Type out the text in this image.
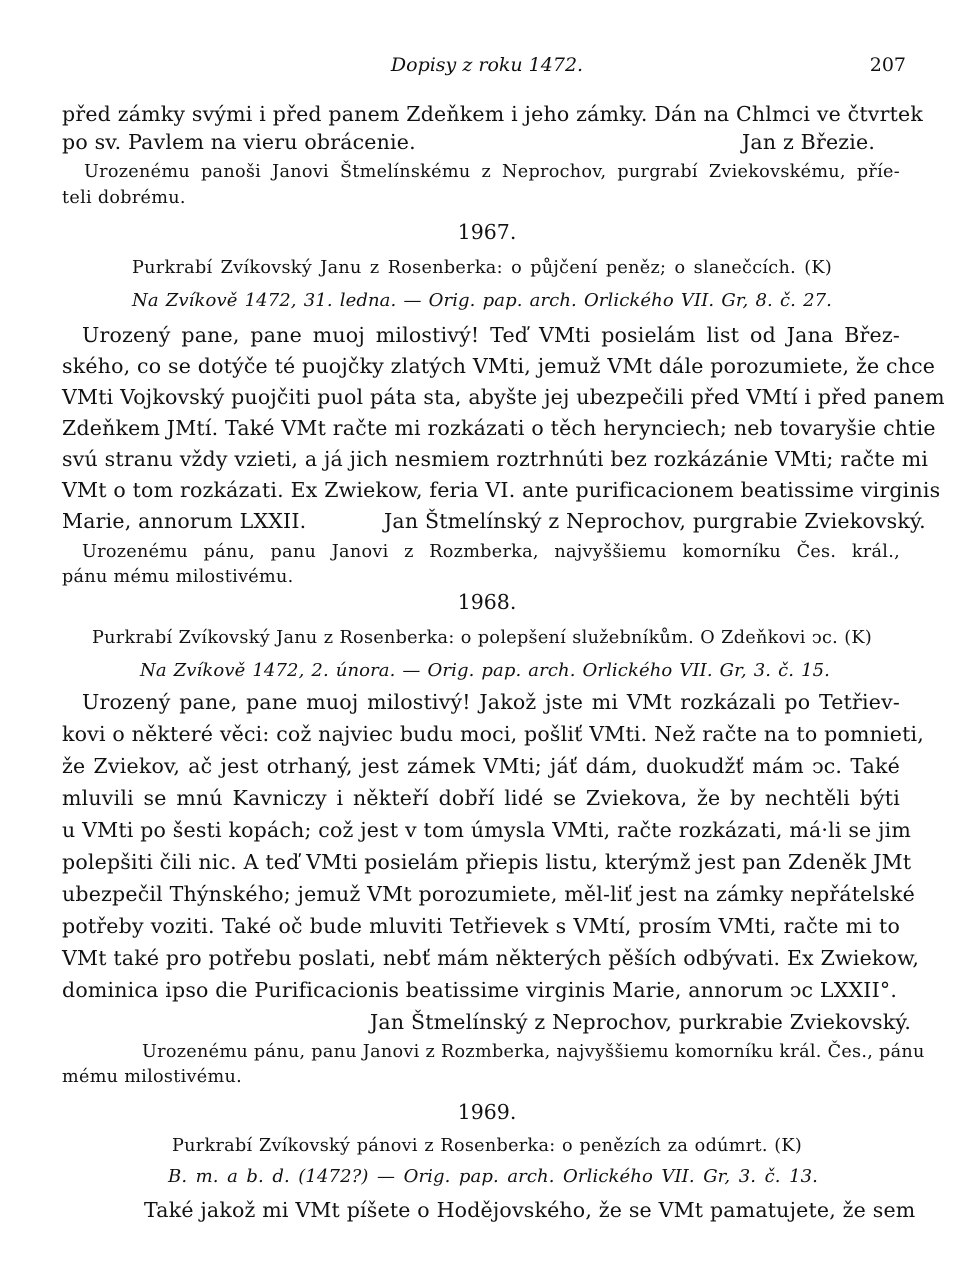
Dopisy z roku 1472.	207
před zámky svými i před panem Zdeňkem i jeho zámky. Dán na Chlmci ve čtvrtek
po sv. Pavlem na vieru obrácenie.	Jan z Březie.
Urozenému panoši Janovi Štmelínskému z Neprochov, purgrabí Zviekovskému, příe-
teli dobrému.
1967.
Purkrabí Zvíkovský Janu z Rosenberka: o půjčení peněz; o slanečcích. (K)
Na Zvíkově 1472, 31. ledna. — Orig. pap. arch. Orlického VII. Gr, 8. č. 27.
Urozený pane, pane muoj milostivý! Teď VMti posielám list od Jana Břez-
ského, co se dotýče té puojčky zlatých VMti, jemuž VMt dále porozumiete, že chce
VMti Vojkovský puojčiti puol páta sta, abyšte jej ubezpečili před VMtí i před panem
Zdeňkem JMtí. Také VMt račte mi rozkázati o těch herynciech; neb tovaryšie chtie
svú stranu vždy vzieti, a já jich nesmiem roztrhnúti bez rozkázánie VMti; račte mi
VMt o tom rozkázati. Ex Zwiekow, feria VI. ante purificacionem beatissime virginis
Marie, annorum LXXII.	Jan Štmelínský z Neprochov, purgrabie Zviekovský.
Urozenému pánu, panu Janovi z Rozmberka, najvyššiemu komorníku Čes. král.,
pánu mému milostivému.
1968.
Purkrabí Zvíkovský Janu z Rosenberka: o polepšení služebníkům. O Zdeňkovi ͻc. (K)
Na Zvíkově 1472, 2. února. — Orig. pap. arch. Orlického VII. Gr, 3. č. 15.
Urozený pane, pane muoj milostivý! Jakož jste mi VMt rozkázali po Tetřiev-
kovi o některé věci: což najviec budu moci, pošliť VMti. Než račte na to pomnieti,
že Zviekov, ač jest otrhaný, jest zámek VMti; jáť dám, duokudžť mám ͻc. Také
mluvili se mnú Kavniczy i někteří dobří lidé se Zviekova, že by nechtěli býti
u VMti po šesti kopách; což jest v tom úmysla VMti, račte rozkázati, má·li se jim
polepšiti čili nic. A teď VMti posielám přiepis listu, kterýmž jest pan Zdeněk JMt
ubezpečil Thýnského; jemuž VMt porozumiete, měl-liť jest na zámky nepřátelské
potřeby voziti. Také oč bude mluviti Tetřievek s VMtí, prosím VMti, račte mi to
VMt také pro potřebu poslati, nebť mám některých pěších odbývati. Ex Zwiekow,
dominica ipso die Purificacionis beatissime virginis Marie, annorum ͻc LXXII°.
Jan Štmelínský z Neprochov, purkrabie Zviekovský.
Urozenému pánu, panu Janovi z Rozmberka, najvyššiemu komorníku král. Čes., pánu
mému milostivému.
1969.
Purkrabí Zvíkovský pánovi z Rosenberka: o penězích za odúmrt. (K)
B. m. a b. d. (1472?) — Orig. pap. arch. Orlického VII. Gr, 3. č. 13.
Také jakož mi VMt píšete o Hodějovského, že se VMt pamatujete, že sem
